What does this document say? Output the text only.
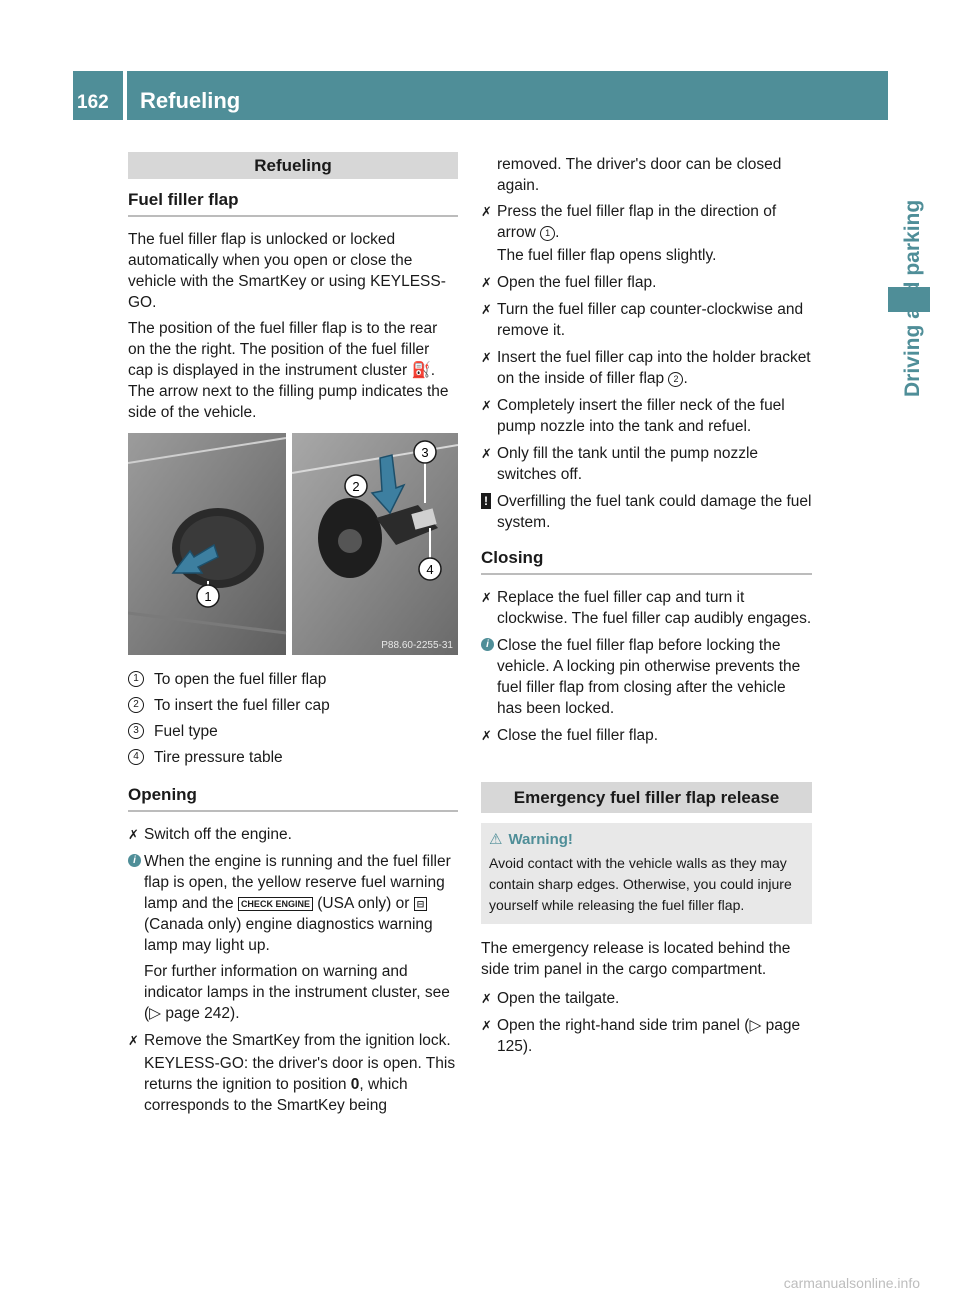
162	Refueling
Refueling
Fuel filler flap

The fuel filler flap is unlocked or locked automatically when you open or close the vehicle with the SmartKey or using KEYLESS-GO.

The position of the fuel filler flap is to the rear on the the right. The position of the fuel filler cap is displayed in the instrument cluster ⛽. The arrow next to the filling pump indicates the side of the vehicle.

1
2
3
4
P88.60-2255-31
1 To open the fuel filler flap
2 To insert the fuel filler cap
3 Fuel type
4 Tire pressure table
Opening
✗ Switch off the engine.
i When the engine is running and the fuel filler flap is open, the yellow reserve fuel warning lamp and the CHECK ENGINE (USA only) or ⊟ (Canada only) engine diagnostics warning lamp may light up.

For further information on warning and indicator lamps in the instrument cluster, see (▷ page 242).

✗ Remove the SmartKey from the ignition lock.
KEYLESS-GO: the driver's door is open. This returns the ignition to position 0, which corresponds to the SmartKey being

removed. The driver's door can be closed again.

✗ Press the fuel filler flap in the direction of arrow 1 .
The fuel filler flap opens slightly.
✗ Open the fuel filler flap.
✗ Turn the fuel filler cap counter-clockwise and remove it.
✗ Insert the fuel filler cap into the holder bracket on the inside of filler flap 2 .
✗ Completely insert the filler neck of the fuel pump nozzle into the tank and refuel.
✗ Only fill the tank until the pump nozzle switches off.
! Overfilling the fuel tank could damage the fuel system.
Closing
✗ Replace the fuel filler cap and turn it clockwise. The fuel filler cap audibly engages.
i Close the fuel filler flap before locking the vehicle. A locking pin otherwise prevents the fuel filler flap from closing after the vehicle has been locked.
✗ Close the fuel filler flap.
Emergency fuel filler flap release
⚠ Warning!
Avoid contact with the vehicle walls as they may contain sharp edges. Otherwise, you could injure yourself while releasing the fuel filler flap.

The emergency release is located behind the side trim panel in the cargo compartment.

✗ Open the tailgate.
✗ Open the right-hand side trim panel (▷ page 125).
carmanualsonline.info
